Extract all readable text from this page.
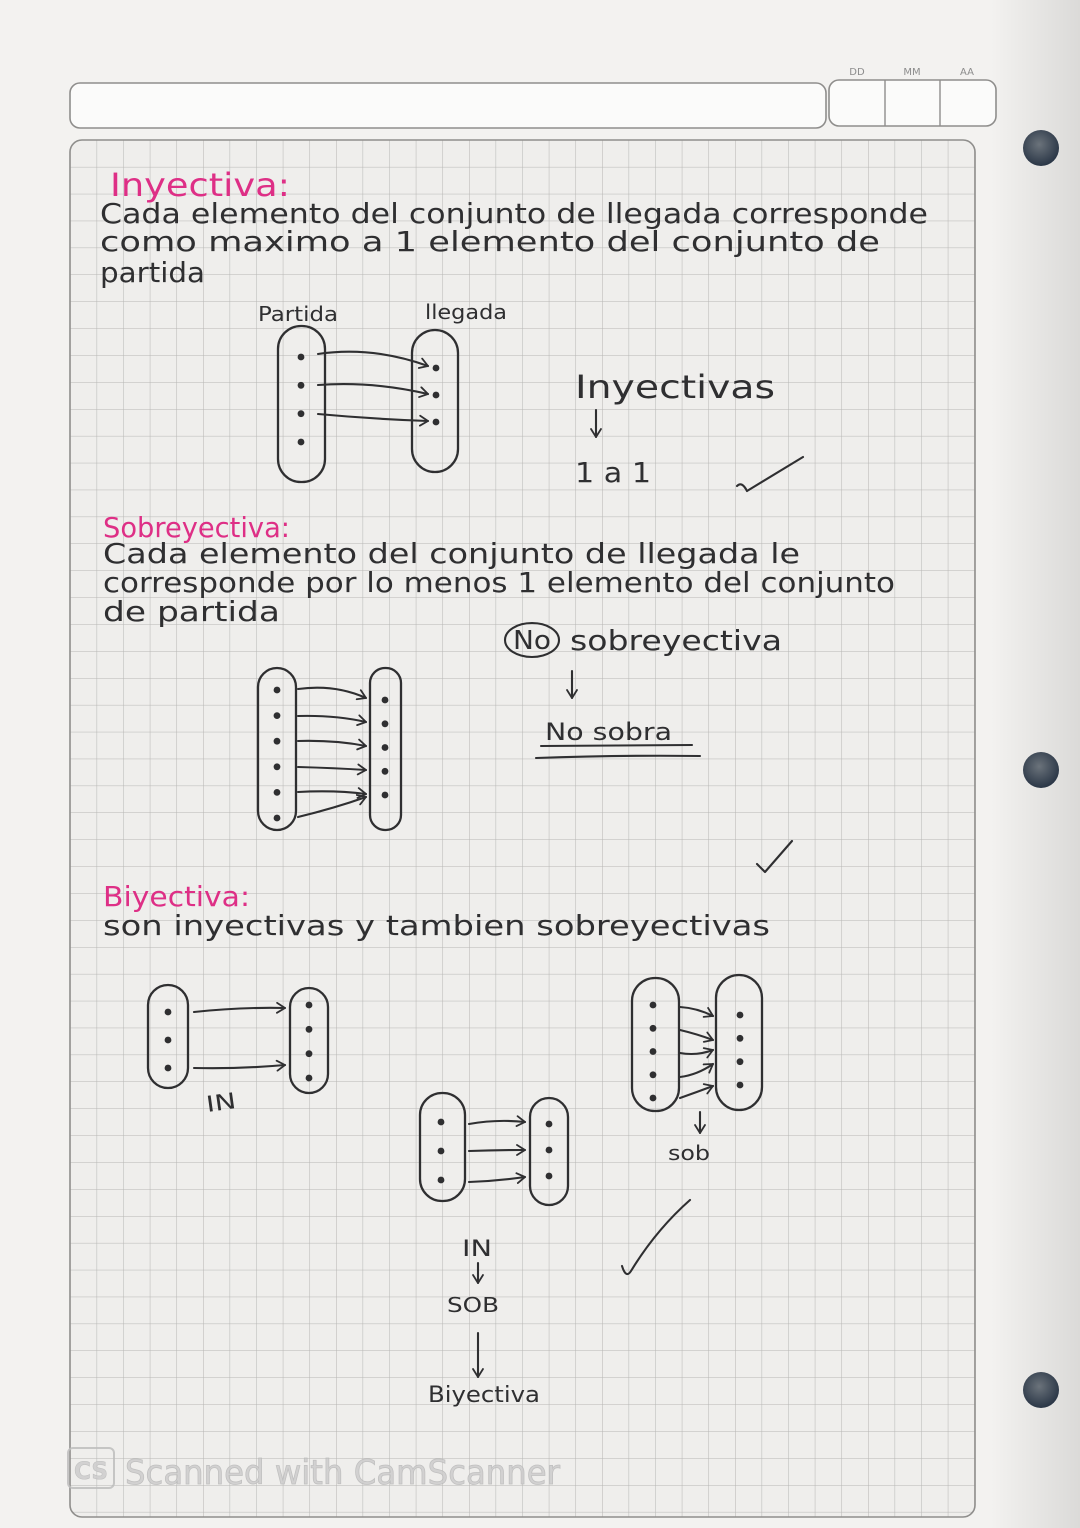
DD	MM	AA
Inyectiva:
Cada elemento del conjunto de llegada corresponde
como maximo a 1 elemento del conjunto de
partida
Partida	llegada
Inyectivas
1 a 1
Sobreyectiva:
Cada elemento del conjunto de llegada le
corresponde por lo menos 1 elemento del conjunto
de partida
No sobreyectiva
No sobra
Biyectiva:
son inyectivas y tambien sobreyectivas
IN
IN
SOB
Biyectiva
sob
CS Scanned with CamScanner
